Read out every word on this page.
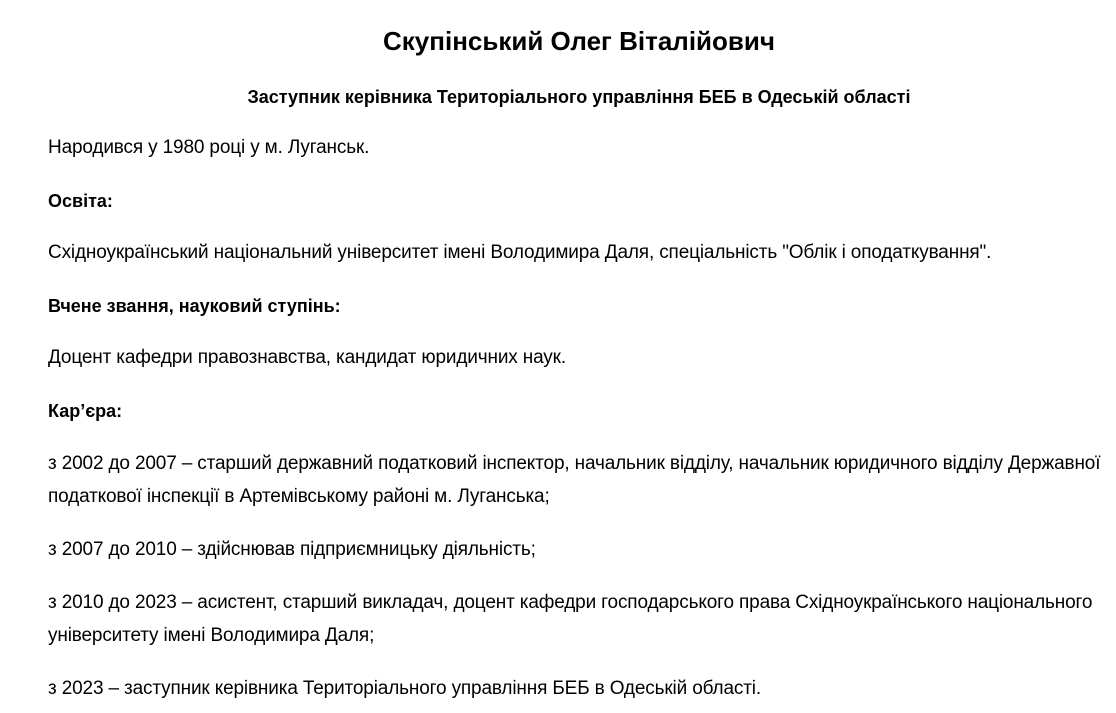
Скупінський Олег Віталійович
Заступник керівника Територіального управління БЕБ в Одеській області

Народився у 1980 році у м. Луганськ.

Освіта:

Східноукраїнський національний університет імені Володимира Даля, спеціальність "Облік і оподаткування".

Вчене звання, науковий ступінь:

Доцент кафедри правознавства, кандидат юридичних наук.

Кар’єра:

з 2002 до 2007 – старший державний податковий інспектор, начальник відділу, начальник юридичного відділу Державної податкової інспекції в Артемівському районі м. Луганська;

з 2007 до 2010 – здійснював підприємницьку діяльність;

з 2010 до 2023 – асистент, старший викладач, доцент кафедри господарського права Східноукраїнського національного університету імені Володимира Даля;

з 2023 – заступник керівника Територіального управління БЕБ в Одеській області.
